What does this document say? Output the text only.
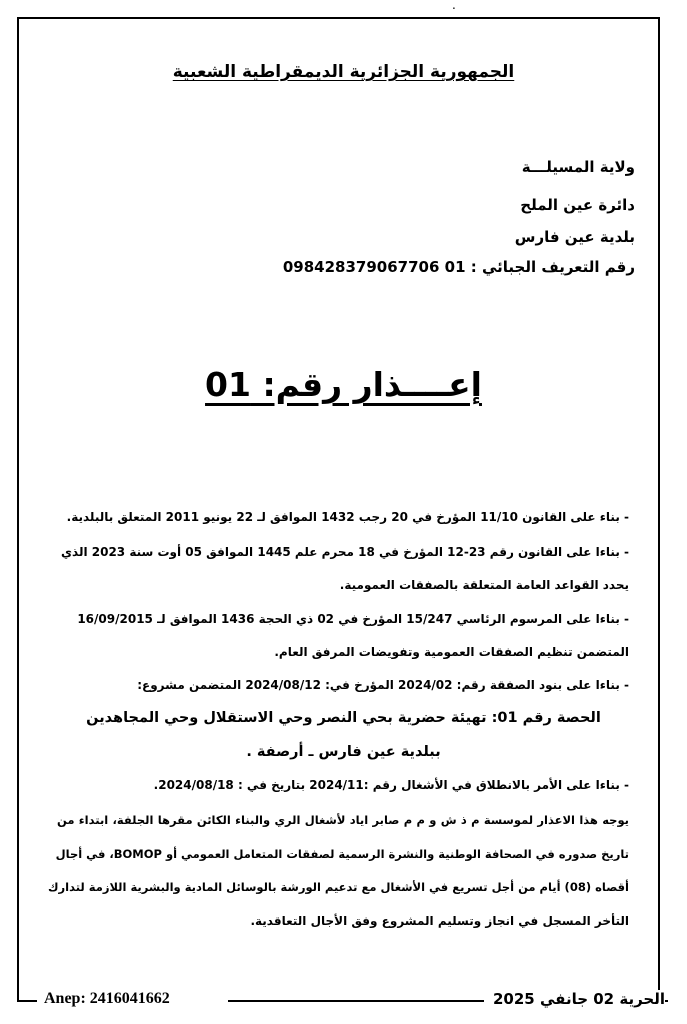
.
الجمهورية الجزائرية الديمقراطية الشعبية
ولاية المسيلـــة
دائرة عين الملح
بلدية عين فارس
رقم التعريف الجبائي : 01 098428379067706
إعــــذار رقم: 01
- بناء على القانون 11/10 المؤرخ في 20 رجب 1432 الموافق لـ 22 يونيو 2011 المتعلق بالبلدية.
- بناءا على القانون رقم 23-12 المؤرخ في 18 محرم علم 1445 الموافق 05 أوت سنة 2023 الذي
يحدد القواعد العامة المتعلقة بالصفقات العمومية.
- بناءا على المرسوم الرئاسي 15/247 المؤرخ في 02 ذي الحجة 1436 الموافق لـ 16/09/2015
المتضمن تنظيم الصفقات العمومية وتفويضات المرفق العام.
- بناءا على بنود الصفقة رقم: 2024/02 المؤرخ في: 2024/08/12 المتضمن مشروع:
الحصة رقم 01: تهيئة حضرية بحي النصر وحي الاستقلال وحي المجاهدين
ببلدية عين فارس ـ أرصفة .
- بناءا على الأمر بالانطلاق في الأشغال رقم :2024/11 بتاريخ في : 2024/08/18.
يوجه هذا الاعذار لموسسة م ذ ش و م م صابر اياد لأشغال الري والبناء الكائن مقرها الجلفة، ابتداء من
تاريخ صدوره في الصحافة الوطنية والنشرة الرسمية لصفقات المتعامل العمومي أو BOMOP، في أجال
أقصاه (08) أيام من أجل تسريع في الأشغال مع تدعيم الورشة بالوسائل المادية والبشرية اللازمة لتدارك
التأخر المسجل في انجاز وتسليم المشروع وفق الأجال التعاقدية.
Anep: 2416041662	الحرية 02 جانفي 2025
